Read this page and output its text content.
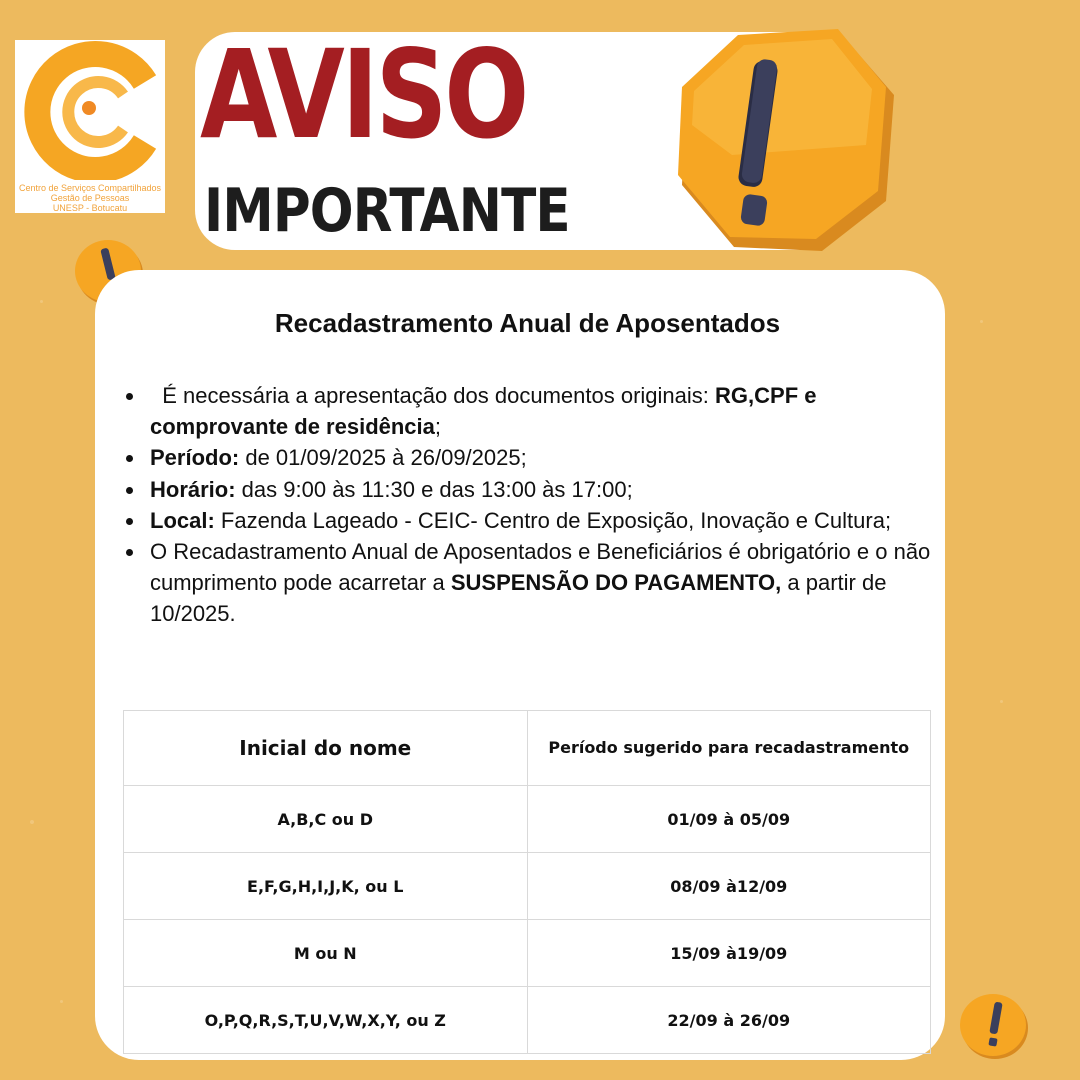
Centro de Serviços Compartilhados
Gestão de Pessoas
UNESP - Botucatu
AVISO
IMPORTANTE
Recadastramento Anual de Aposentados
É necessária a apresentação dos documentos originais: RG,CPF e comprovante de residência;
Período: de 01/09/2025 à 26/09/2025;
Horário: das 9:00 às 11:30 e das 13:00 às 17:00;
Local: Fazenda Lageado - CEIC- Centro de Exposição, Inovação e Cultura;
O Recadastramento Anual de Aposentados e Beneficiários é obrigatório e o não cumprimento pode acarretar a SUSPENSÃO DO PAGAMENTO, a partir de 10/2025.
Inicial do nome	Período sugerido para recadastramento
A,B,C ou D	01/09 à 05/09
E,F,G,H,I,J,K, ou L	08/09 à12/09
M ou N	15/09 à19/09
O,P,Q,R,S,T,U,V,W,X,Y, ou Z	22/09 à 26/09
